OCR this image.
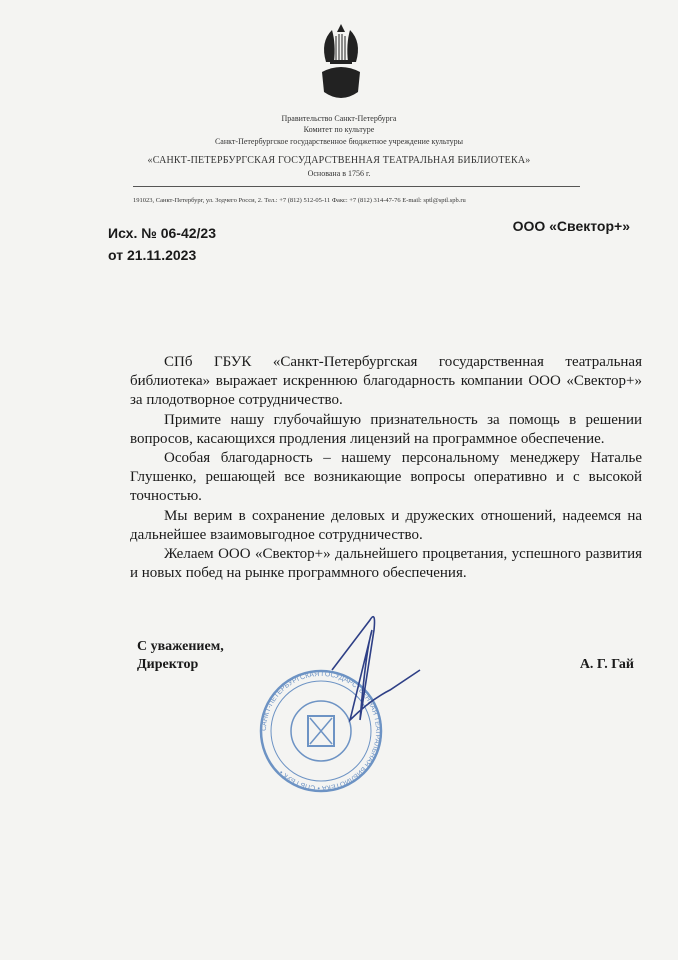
Правительство Санкт-Петербурга
Комитет по культуре
Санкт-Петербургское государственное бюджетное учреждение культуры
«САНКТ-ПЕТЕРБУРГСКАЯ ГОСУДАРСТВЕННАЯ ТЕАТРАЛЬНАЯ БИБЛИОТЕКА»
Основана в 1756 г.
191023, Санкт-Петербург, ул. Зодчего Росси, 2. Тел.: +7 (812) 512-05-11 Факс: +7 (812) 314-47-76 E-mail: sptl@sptl.spb.ru
Исх. № 06-42/23
от 21.11.2023
ООО «Свектор+»

СПб ГБУК «Санкт-Петербургская государственная театральная библиотека» выражает искреннюю благодарность компании ООО «Свектор+» за плодотворное сотрудничество.

Примите нашу глубочайшую признательность за помощь в решении вопросов, касающихся продления лицензий на программное обеспечение.

Особая благодарность – нашему персональному менеджеру Наталье Глушенко, решающей все возникающие вопросы оперативно и с высокой точностью.

Мы верим в сохранение деловых и дружеских отношений, надеемся на дальнейшее взаимовыгодное сотрудничество.

Желаем ООО «Свектор+» дальнейшего процветания, успешного развития и новых побед на рынке программного обеспечения.

С уважением,
Директор	А. Г. Гай
САНКТ-ПЕТЕРБУРГСКАЯ ГОСУДАРСТВЕННАЯ ТЕАТРАЛЬНАЯ БИБЛИОТЕКА • СПБ ГБУК •
